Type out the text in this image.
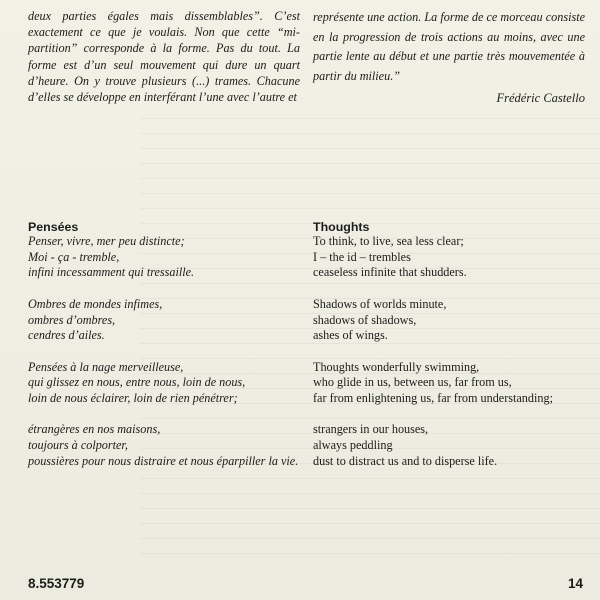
deux parties égales mais dissemblables”. C’est exactement ce que je voulais. Non que cette “mi-partition” corresponde à la forme. Pas du tout. La forme est d’un seul mouvement qui dure un quart d’heure. On y trouve plusieurs (...) trames. Chacune d’elles se développe en interférant l’une avec l’autre et

représente une action. La forme de ce morceau consiste en la progression de trois actions au moins, avec une partie lente au début et une partie très mouvementée à partir du milieu.”

Frédéric Castello

Pensées
Penser, vivre, mer peu distincte;
Moi - ça - tremble,
infini incessamment qui tressaille.
Ombres de mondes infimes,
ombres d’ombres,
cendres d’ailes.
Pensées à la nage merveilleuse,
qui glissez en nous, entre nous, loin de nous,
loin de nous éclairer, loin de rien pénétrer;
étrangères en nos maisons,
toujours à colporter,
poussières pour nous distraire et nous éparpiller la vie.
Thoughts
To think, to live, sea less clear;
I – the id – trembles
ceaseless infinite that shudders.
Shadows of worlds minute,
shadows of shadows,
ashes of wings.
Thoughts wonderfully swimming,
who glide in us, between us, far from us,
far from enlightening us, far from understanding;
strangers in our houses,
always peddling
dust to distract us and to disperse life.
8.553779	14
